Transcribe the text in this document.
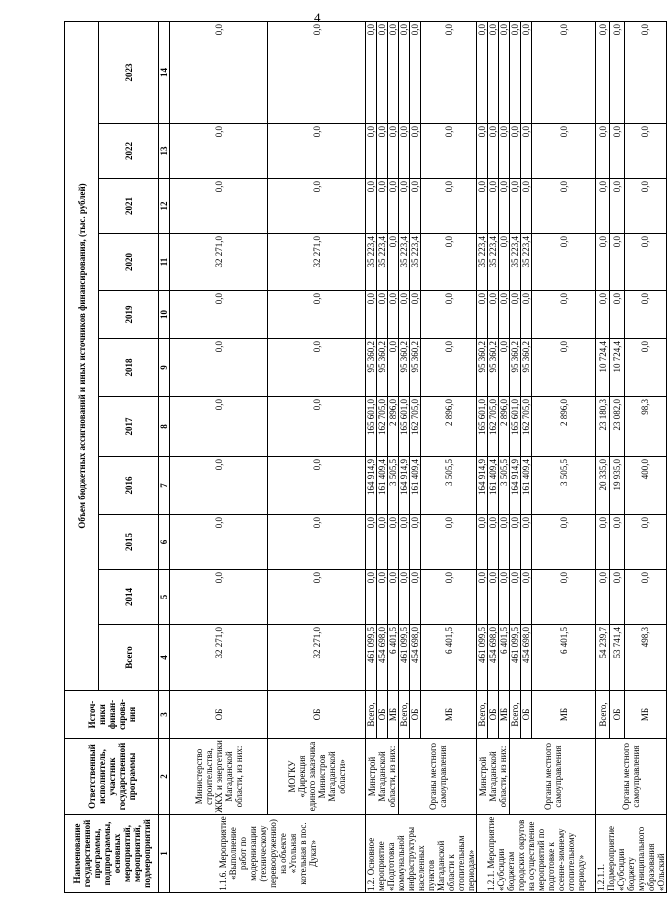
4
Наименование государственной программы, подпрограммы, основных мероприятий, мероприятий, подмероприятий	Ответственный исполнитель, участник государственной программы	Источ-ники финан-сирова-ния	Объем бюджетных ассигнований и иных источников финансирования, (тыс. рублей)										
			Всего	2014	2015	2016	2017	2018	2019	2020	2021	2022	2023
1	2	3	4	5	6	7	8	9	10	11	12	13	14
1.1.6. Мероприятие «Выполнение работ по модернизации (техническому перевооружению) на объекте «Угольная котельная в пос. Дукат»	Министерство строительства, ЖКХ и энергетики Магаданской области, из них:	ОБ	32 271,0	0,0	0,0	0,0	0,0	0,0	0,0	32 271,0	0,0	0,0	0,0
	МОГКУ «Дирекция единого заказчика Министров Магаданской области»	ОБ	32 271,0	0,0	0,0	0,0	0,0	0,0	0,0	32 271,0	0,0	0,0	0,0
1.2. Основное мероприятие «Подготовка коммунальной инфраструктуры населенных пунктов Магаданской области к отопительным периодам»	Минстрой Магаданской области, из них:	Всего,	461 099,5	0,0	0,0	164 914,9	165 601,0	95 360,2	0,0	35 223,4	0,0	0,0	0,0
		ОБ	454 698,0	0,0	0,0	161 409,4	162 705,0	95 360,2	0,0	35 223,4	0,0	0,0	0,0
		МБ	6 401,5	0,0	0,0	3 505,5	2 896,0	0,0	0,0	0,0	0,0	0,0	0,0
	Органы местного самоуправления	Всего,	461 099,5	0,0	0,0	164 914,9	165 601,0	95 360,2	0,0	35 223,4	0,0	0,0	0,0
		ОБ	454 698,0	0,0	0,0	161 409,4	162 705,0	95 360,2	0,0	35 223,4	0,0	0,0	0,0
		МБ	6 401,5	0,0	0,0	3 505,5	2 896,0	0,0	0,0	0,0	0,0	0,0	0,0
1.2.1. Мероприятие «Субсидии бюджетам городских округов на осуществление мероприятий по подготовке к осенне-зимнему отопительному периоду»	Минстрой Магаданской области, из них:	Всего,	461 099,5	0,0	0,0	164 914,9	165 601,0	95 360,2	0,0	35 223,4	0,0	0,0	0,0
		ОБ	454 698,0	0,0	0,0	161 409,4	162 705,0	95 360,2	0,0	35 223,4	0,0	0,0	0,0
		МБ	6 401,5	0,0	0,0	3 505,5	2 896,0	0,0	0,0	0,0	0,0	0,0	0,0
	Органы местного самоуправления	Всего,	461 099,5	0,0	0,0	164 914,9	165 601,0	95 360,2	0,0	35 223,4	0,0	0,0	0,0
		ОБ	454 698,0	0,0	0,0	161 409,4	162 705,0	95 360,2	0,0	35 223,4	0,0	0,0	0,0
		МБ	6 401,5	0,0	0,0	3 505,5	2 896,0	0,0	0,0	0,0	0,0	0,0	0,0
1.2.1.1. Подмероприятие «Субсидии бюджету муниципального образования «Ольский	Органы местного самоуправления	Всего,	54 239,7	0,0	0,0	20 335,0	23 180,3	10 724,4	0,0	0,0	0,0	0,0	0,0
		ОБ	53 741,4	0,0	0,0	19 935,0	23 082,0	10 724,4	0,0	0,0	0,0	0,0	0,0
		МБ	498,3	0,0	0,0	400,0	98,3	0,0	0,0	0,0	0,0	0,0	0,0
